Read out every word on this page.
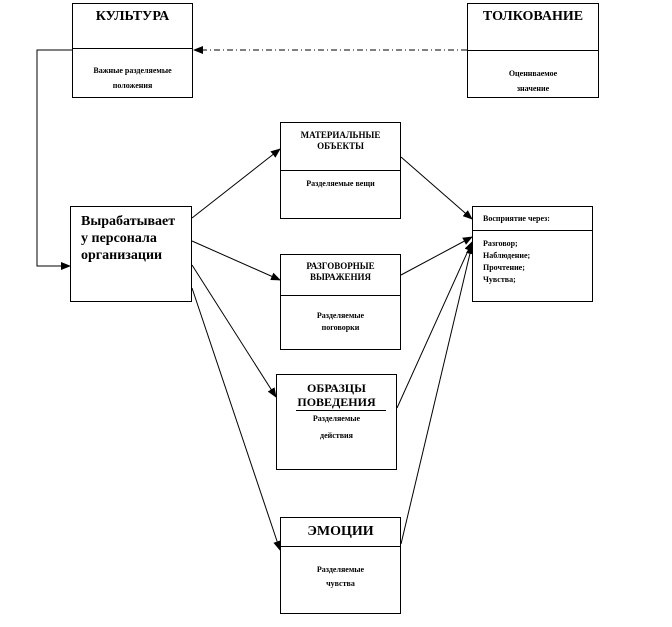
КУЛЬТУРА
Важные разделяемые
положения
ТОЛКОВАНИЕ
Оценнваемое
значение
Вырабатывает
у персонала
организации
МАТЕРИАЛЬНЫЕ
ОБЪЕКТЫ
Разделяемые вещи
РАЗГОВОРНЫЕ
ВЫРАЖЕНИЯ
Разделяемые
поговорки
ОБРАЗЦЫ
ПОВЕДЕНИЯ
Разделяемые
действия
ЭМОЦИИ
Разделяемые
чувства
Восприятие через:
Разговор;
Наблюдение;
Прочтение;
Чувства;
